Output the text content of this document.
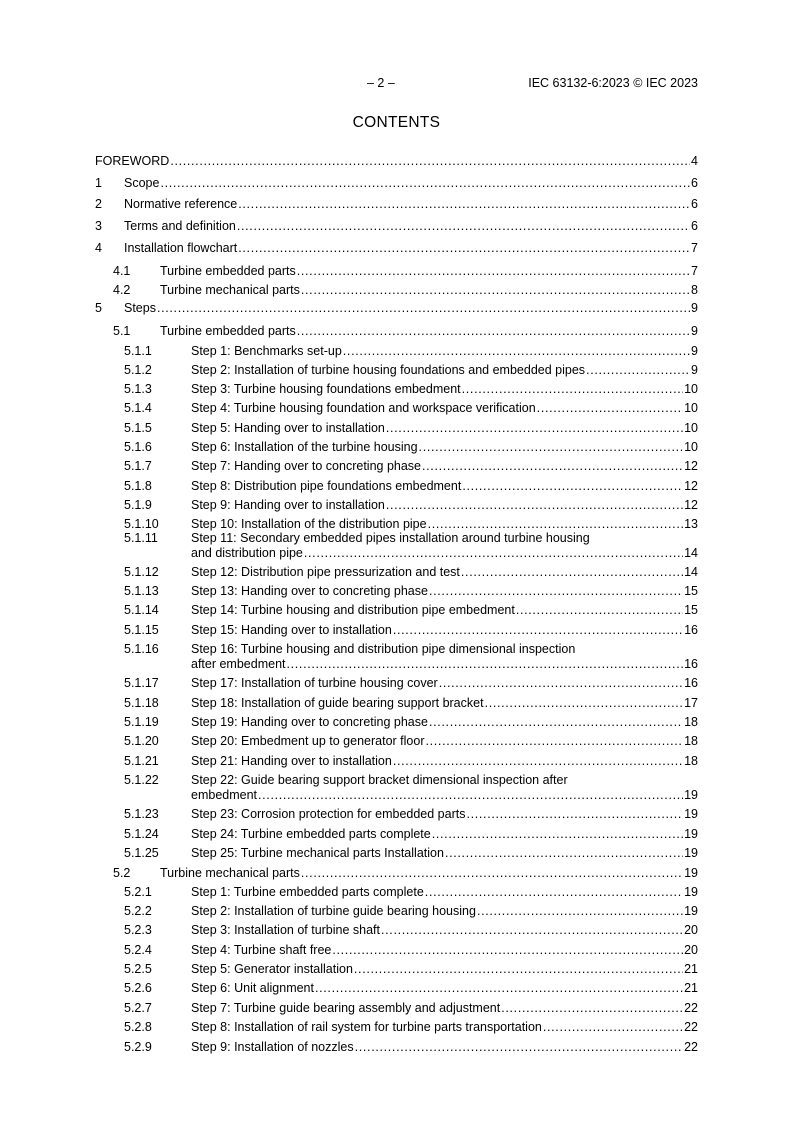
– 2 –	IEC 63132-6:2023 © IEC 2023
CONTENTS
FOREWORD . . .	4
1 Scope . . .	6
2 Normative reference . . .	6
3 Terms and definition . . .	6
4 Installation flowchart . . .	7
4.1 Turbine embedded parts . . .	7
4.2 Turbine mechanical parts . . .	8
5 Steps . . .	9
5.1 Turbine embedded parts . . .	9
5.1.1	Step 1: Benchmarks set-up . . .	9
5.1.2	Step 2: Installation of turbine housing foundations and embedded pipes . . .	9
5.1.3	Step 3: Turbine housing foundations embedment . . .	10
5.1.4	Step 4: Turbine housing foundation and workspace verification . . .	10
5.1.5	Step 5: Handing over to installation . . .	10
5.1.6	Step 6: Installation of the turbine housing . . .	10
5.1.7	Step 7: Handing over to concreting phase . . .	12
5.1.8	Step 8: Distribution pipe foundations embedment . . .	12
5.1.9	Step 9: Handing over to installation . . .	12
5.1.10	Step 10: Installation of the distribution pipe . . .	13
5.1.11	Step 11: Secondary embedded pipes installation around turbine housing
and distribution pipe . . .	14
5.1.12	Step 12: Distribution pipe pressurization and test . . .	14
5.1.13	Step 13: Handing over to concreting phase . . .	15
5.1.14	Step 14: Turbine housing and distribution pipe embedment . . .	15
5.1.15	Step 15: Handing over to installation . . .	16
5.1.16	Step 16: Turbine housing and distribution pipe dimensional inspection
after embedment . . .	16
5.1.17	Step 17: Installation of turbine housing cover . . .	16
5.1.18	Step 18: Installation of guide bearing support bracket . . .	17
5.1.19	Step 19: Handing over to concreting phase . . .	18
5.1.20	Step 20: Embedment up to generator floor . . .	18
5.1.21	Step 21: Handing over to installation . . .	18
5.1.22	Step 22: Guide bearing support bracket dimensional inspection after
embedment . . .	19
5.1.23	Step 23: Corrosion protection for embedded parts . . .	19
5.1.24	Step 24: Turbine embedded parts complete . . .	19
5.1.25	Step 25: Turbine mechanical parts Installation . . .	19
5.2 Turbine mechanical parts . . .	19
5.2.1	Step 1: Turbine embedded parts complete . . .	19
5.2.2	Step 2: Installation of turbine guide bearing housing . . .	19
5.2.3	Step 3: Installation of turbine shaft . . .	20
5.2.4	Step 4: Turbine shaft free . . .	20
5.2.5	Step 5: Generator installation . . .	21
5.2.6	Step 6: Unit alignment . . .	21
5.2.7	Step 7: Turbine guide bearing assembly and adjustment . . .	22
5.2.8	Step 8: Installation of rail system for turbine parts transportation . . .	22
5.2.9	Step 9: Installation of nozzles . . .	22
